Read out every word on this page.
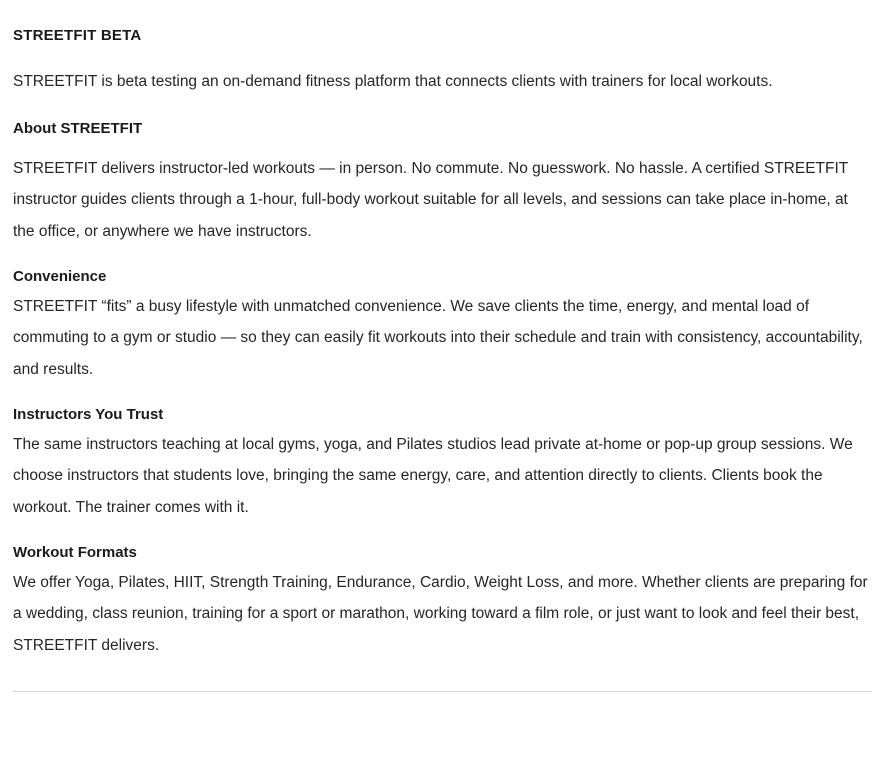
STREETFIT BETA

STREETFIT is beta testing an on-demand fitness platform that connects clients with trainers for local workouts.

About STREETFIT

STREETFIT delivers instructor-led workouts — in person. No commute. No guesswork. No hassle. A certified STREETFIT instructor guides clients through a 1-hour, full-body workout suitable for all levels, and sessions can take place in-home, at the office, or anywhere we have instructors.

Convenience

STREETFIT “fits” a busy lifestyle with unmatched convenience. We save clients the time, energy, and mental load of commuting to a gym or studio — so they can easily fit workouts into their schedule and train with consistency, accountability, and results.

Instructors You Trust

The same instructors teaching at local gyms, yoga, and Pilates studios lead private at-home or pop-up group sessions. We choose instructors that students love, bringing the same energy, care, and attention directly to clients. Clients book the workout. The trainer comes with it.

Workout Formats

We offer Yoga, Pilates, HIIT, Strength Training, Endurance, Cardio, Weight Loss, and more. Whether clients are preparing for a wedding, class reunion, training for a sport or marathon, working toward a film role, or just want to look and feel their best, STREETFIT delivers.
